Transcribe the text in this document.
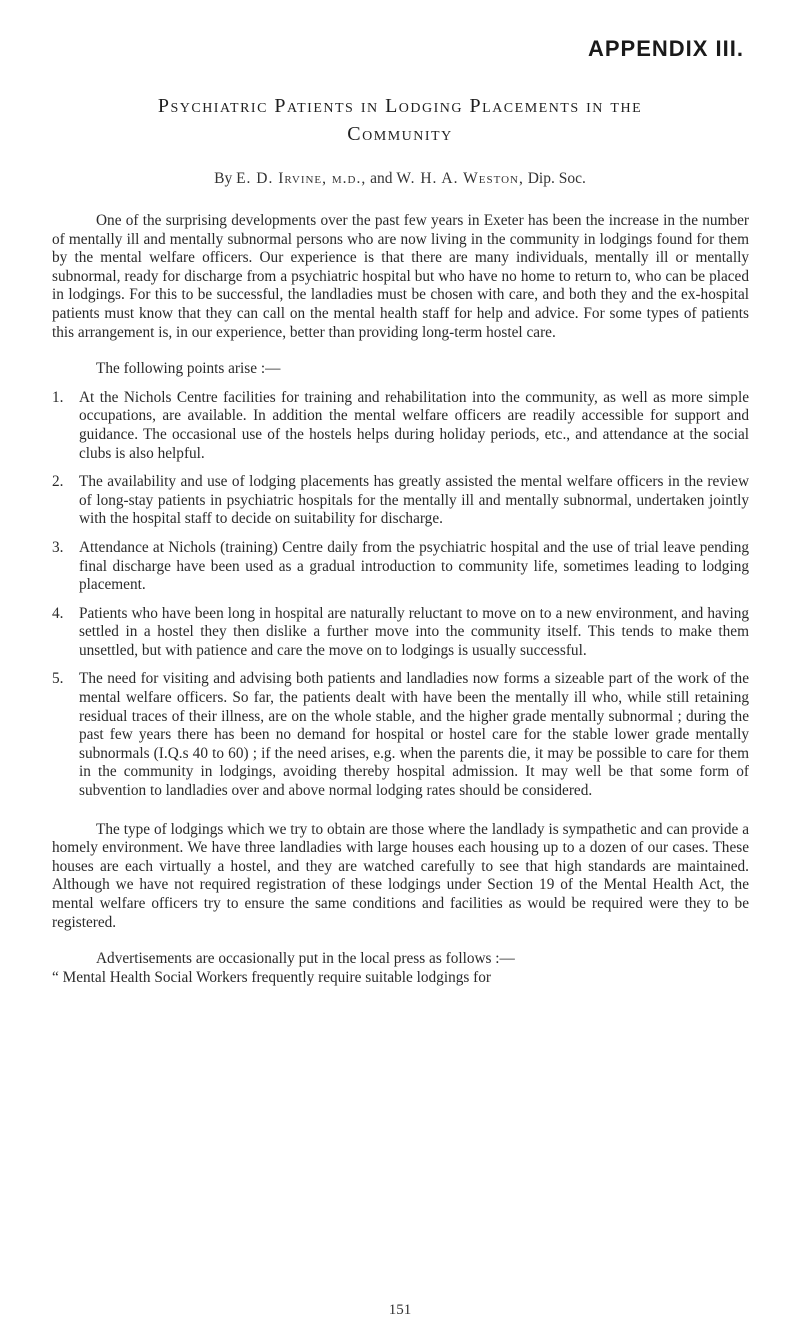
APPENDIX III.
Psychiatric Patients in Lodging Placements in the
Community
By E. D. Irvine, m.d., and W. H. A. Weston, Dip. Soc.

One of the surprising developments over the past few years in Exeter has been the increase in the number of mentally ill and mentally subnormal persons who are now living in the community in lodgings found for them by the mental welfare officers. Our experience is that there are many individuals, mentally ill or mentally subnormal, ready for discharge from a psychiatric hospital but who have no home to return to, who can be placed in lodgings. For this to be successful, the landladies must be chosen with care, and both they and the ex-hospital patients must know that they can call on the mental health staff for help and advice. For some types of patients this arrangement is, in our experience, better than providing long-term hostel care.

The following points arise :—

1.	At the Nichols Centre facilities for training and rehabilitation into the community, as well as more simple occupations, are available. In addition the mental welfare officers are readily accessible for support and guidance. The occasional use of the hostels helps during holiday periods, etc., and attendance at the social clubs is also helpful.
2.	The availability and use of lodging placements has greatly assisted the mental welfare officers in the review of long-stay patients in psychiatric hospitals for the mentally ill and mentally subnormal, undertaken jointly with the hospital staff to decide on suitability for discharge.
3.	Attendance at Nichols (training) Centre daily from the psychiatric hospital and the use of trial leave pending final discharge have been used as a gradual introduction to community life, sometimes leading to lodging placement.
4.	Patients who have been long in hospital are naturally reluctant to move on to a new environment, and having settled in a hostel they then dislike a further move into the community itself. This tends to make them unsettled, but with patience and care the move on to lodgings is usually successful.
5.	The need for visiting and advising both patients and landladies now forms a sizeable part of the work of the mental welfare officers. So far, the patients dealt with have been the mentally ill who, while still retaining residual traces of their illness, are on the whole stable, and the higher grade mentally subnormal ; during the past few years there has been no demand for hospital or hostel care for the stable lower grade mentally subnormals (I.Q.s 40 to 60) ; if the need arises, e.g. when the parents die, it may be possible to care for them in the community in lodgings, avoiding thereby hospital admission. It may well be that some form of subvention to landladies over and above normal lodging rates should be considered.

The type of lodgings which we try to obtain are those where the landlady is sympathetic and can provide a homely environment. We have three landladies with large houses each housing up to a dozen of our cases. These houses are each virtually a hostel, and they are watched carefully to see that high standards are maintained. Although we have not required registration of these lodgings under Section 19 of the Mental Health Act, the mental welfare officers try to ensure the same conditions and facilities as would be required were they to be registered.

Advertisements are occasionally put in the local press as follows :—

“ Mental Health Social Workers frequently require suitable lodgings for

151
